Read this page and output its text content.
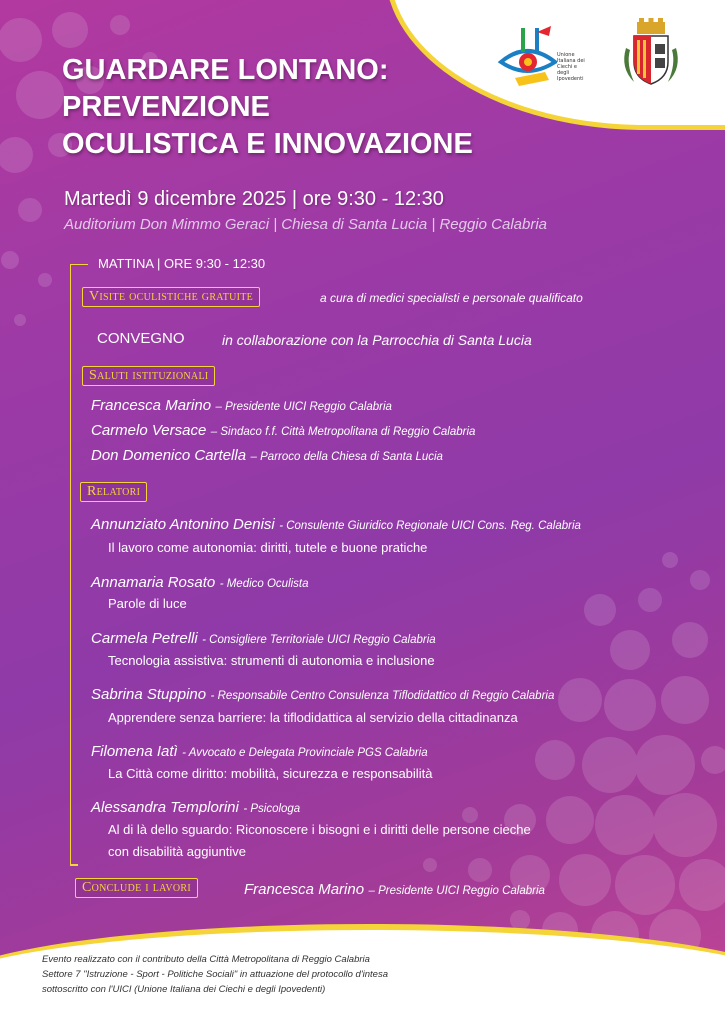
Unione Italiana dei Ciechi e degli Ipovedenti
GUARDARE LONTANO:
PREVENZIONE
OCULISTICA E INNOVAZIONE
Martedì 9 dicembre 2025 | ore 9:30 - 12:30
Auditorium Don Mimmo Geraci | Chiesa di Santa Lucia | Reggio Calabria
MATTINA | ORE 9:30 - 12:30
Visite oculistiche gratuite	a cura di medici specialisti e personale qualificato
CONVEGNO	in collaborazione con la Parrocchia di Santa Lucia
Saluti istituzionali
Francesca Marino – Presidente UICI Reggio Calabria
Carmelo Versace – Sindaco f.f. Città Metropolitana di Reggio Calabria
Don Domenico Cartella – Parroco della Chiesa di Santa Lucia
Relatori
Annunziato Antonino Denisi - Consulente Giuridico Regionale UICI Cons. Reg. Calabria
Il lavoro come autonomia: diritti, tutele e buone pratiche
Annamaria Rosato - Medico Oculista
Parole di luce
Carmela Petrelli - Consigliere Territoriale UICI Reggio Calabria
Tecnologia assistiva: strumenti di autonomia e inclusione
Sabrina Stuppino - Responsabile Centro Consulenza Tiflodidattico di Reggio Calabria
Apprendere senza barriere: la tiflodidattica al servizio della cittadinanza
Filomena Iatì - Avvocato e Delegata Provinciale PGS Calabria
La Città come diritto: mobilità, sicurezza e responsabilità
Alessandra Templorini - Psicologa
Al di là dello sguardo: Riconoscere i bisogni e i diritti delle persone cieche
con disabilità aggiuntive
Conclude i lavori	Francesca Marino – Presidente UICI Reggio Calabria
Evento realizzato con il contributo della Città Metropolitana di Reggio Calabria
Settore 7 "Istruzione - Sport - Politiche Sociali" in attuazione del protocollo d'intesa
sottoscritto con l'UICI (Unione Italiana dei Ciechi e degli Ipovedenti)
